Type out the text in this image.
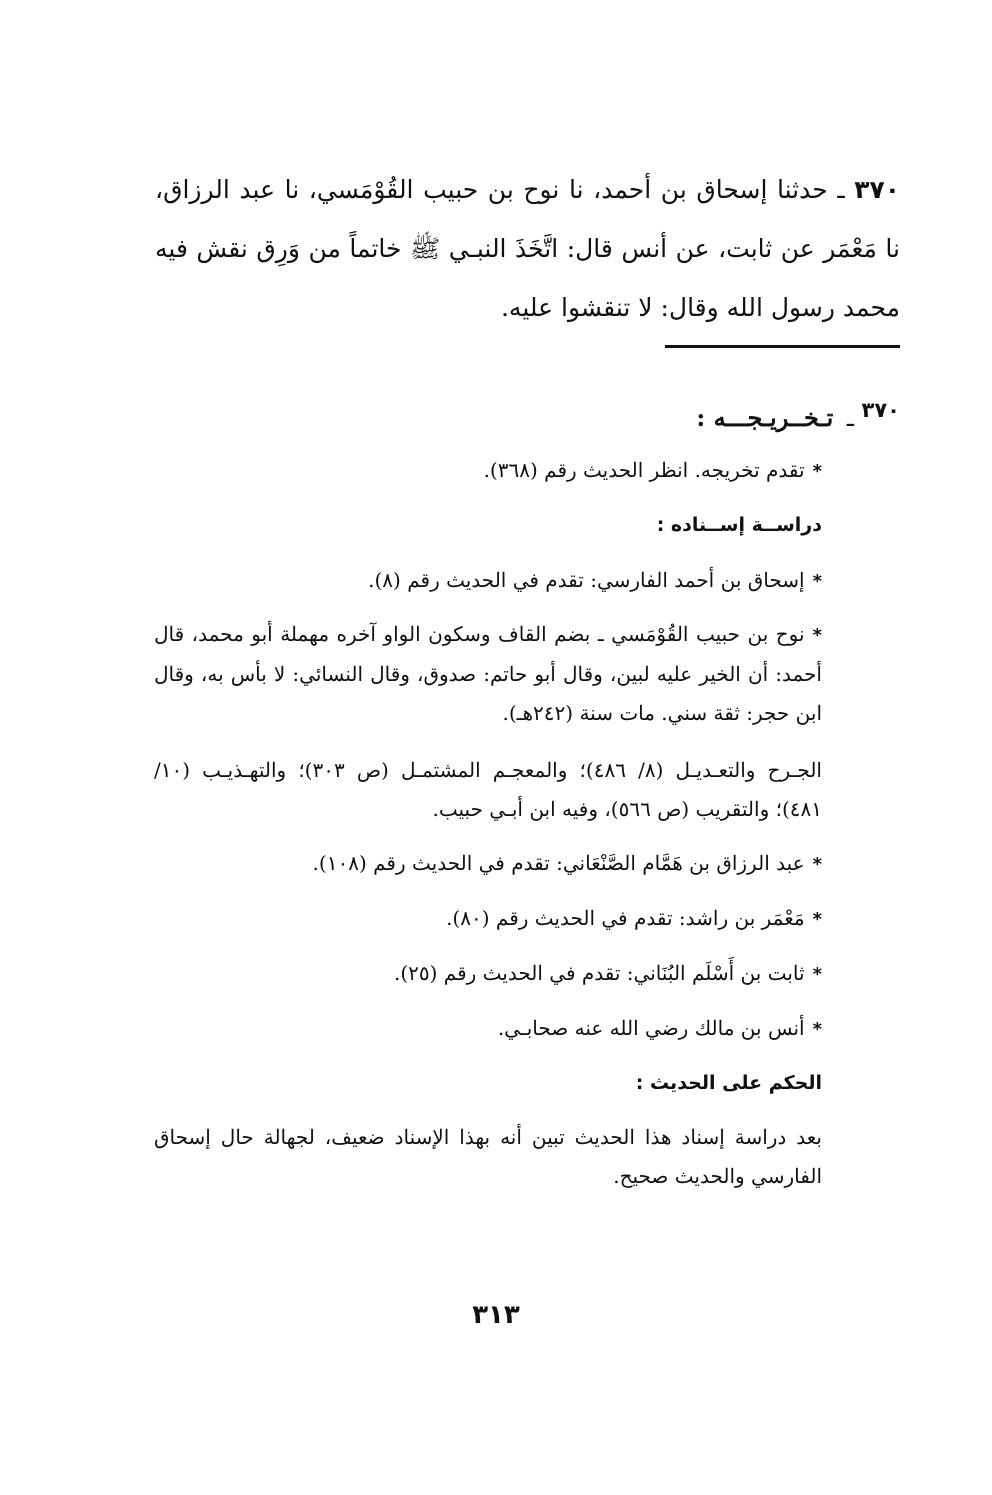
٣٧٠ ـ حدثنا إسحاق بن أحمد، نا نوح بن حبيب القُوْمَسي، نا عبد الرزاق، نا مَعْمَر عن ثابت، عن أنس قال: اتَّخَذَ النبـي ﷺ خاتماً من وَرِق نقش فيه محمد رسول الله وقال: لا تنقشوا عليه.
٣٧٠ ـ تـخــريـجـــه :
*تقدم تخريجه. انظر الحديث رقم (٣٦٨).
دراســة إســناده :
*إسحاق بن أحمد الفارسي: تقدم في الحديث رقم (٨).
*نوح بن حبيب القُوْمَسي ـ بضم القاف وسكون الواو آخره مهملة أبو محمد، قال أحمد: أن الخير عليه لبين، وقال أبو حاتم: صدوق، وقال النسائي: لا بأس به، وقال ابن حجر: ثقة سني. مات سنة (٢٤٢هـ).
الجـرح والتعـديـل (٨/ ٤٨٦)؛ والمعجـم المشتمـل (ص ٣٠٣)؛ والتهـذيـب (١٠/ ٤٨١)؛ والتقريب (ص ٥٦٦)، وفيه ابن أبـي حبيب.
*عبد الرزاق بن هَمَّام الصَّنْعَاني: تقدم في الحديث رقم (١٠٨).
*مَعْمَر بن راشد: تقدم في الحديث رقم (٨٠).
*ثابت بن أَسْلَم البُنَاني: تقدم في الحديث رقم (٢٥).
*أنس بن مالك رضي الله عنه صحابـي.
الحكم على الحديث :
بعد دراسة إسناد هذا الحديث تبين أنه بهذا الإسناد ضعيف، لجهالة حال إسحاق الفارسي والحديث صحيح.
٣١٣
